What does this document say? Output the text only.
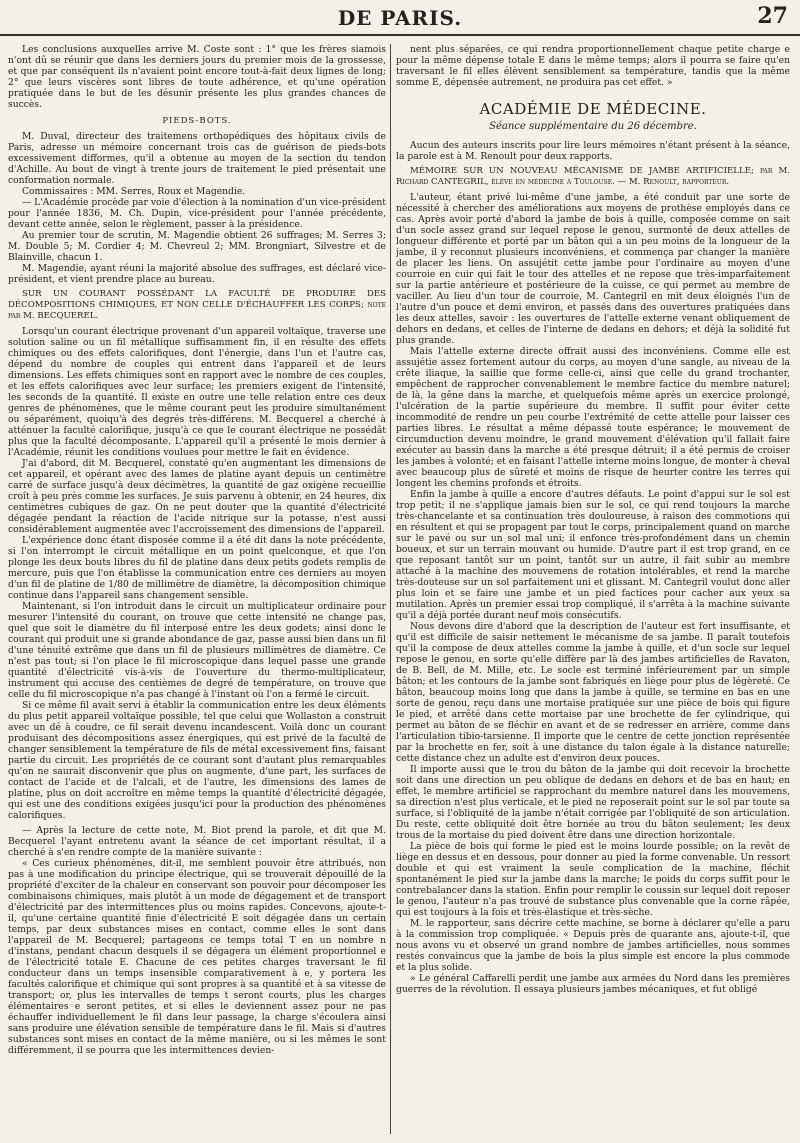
DE PARIS.	27

Les conclusions auxquelles arrive M. Coste sont : 1° que les frères siamois n'ont dû se réunir que dans les derniers jours du premier mois de la grossesse, et que par conséquent ils n'avaient point encore tout-à-fait deux lignes de long; 2° que leurs viscères sont libres de toute adhérence, et qu'une opération pratiquée dans le but de les désunir présente les plus grandes chances de succès.

PIEDS-BOTS.

M. Duval, directeur des traitemens orthopédiques des hôpitaux civils de Paris, adresse un mémoire concernant trois cas de guérison de pieds-bots excessivement difformes, qu'il a obtenue au moyen de la section du tendon d'Achille. Au bout de vingt à trente jours de traitement le pied présentait une conformation normale.

Commissaires : MM. Serres, Roux et Magendie.

— L'Académie procède par voie d'élection à la nomination d'un vice-président pour l'année 1836, M. Ch. Dupin, vice-président pour l'année précédente, devant cette année, selon le règlement, passer à la présidence.

Au premier tour de scrutin, M. Magendie obtient 26 suffrages; M. Serres 3; M. Double 5; M. Cordier 4; M. Chevreul 2; MM. Brongniart, Silvestre et de Blainville, chacun 1.

M. Magendie, ayant réuni la majorité absolue des suffrages, est déclaré vice-président, et vient prendre place au bureau.

SUR UN COURANT POSSÉDANT LA FACULTÉ DE PRODUIRE DES DÉCOMPOSITIONS CHIMIQUES, ET NON CELLE D'ÉCHAUFFER LES CORPS; note par M. BECQUEREL.

Lorsqu'un courant électrique provenant d'un appareil voltaïque, traverse une solution saline ou un fil métallique suffisamment fin, il en résulte des effets chimiques ou des effets calorifiques, dont l'énergie, dans l'un et l'autre cas, dépend du nombre de couples qui entrent dans l'appareil et de leurs dimensions. Les effets chimiques sont en rapport avec le nombre de ces couples, et les effets calorifiques avec leur surface; les premiers exigent de l'intensité, les seconds de la quantité. Il existe en outre une telle relation entre ces deux genres de phénomènes, que le même courant peut les produire simultanément ou séparément, quoiqu'à des degrés très-différens. M. Becquerel a cherché à atténuer la faculté calorifique, jusqu'à ce que le courant électrique ne possédât plus que la faculté décomposante. L'appareil qu'il a présenté le mois dernier à l'Académie, réunit les conditions voulues pour mettre le fait en évidence.

J'ai d'abord, dit M. Becquerel, constaté qu'en augmentant les dimensions de cet appareil, et opérant avec des lames de platine ayant depuis un centimètre carré de surface jusqu'à deux décimètres, la quantité de gaz oxigène recueillie croît à peu près comme les surfaces. Je suis parvenu à obtenir, en 24 heures, dix centimètres cubiques de gaz. On ne peut douter que la quantité d'électricité dégagée pendant la réaction de l'acide nitrique sur la potasse, n'est aussi considérablement augmentée avec l'accroissement des dimensions de l'appareil.

L'expérience donc étant disposée comme il a été dit dans la note précédente, si l'on interrompt le circuit métallique en un point quelconque, et que l'on plonge les deux bouts libres du fil de platine dans deux petits godets remplis de mercure, puis que l'on établisse la communication entre ces derniers au moyen d'un fil de platine de 1/80 de millimètre de diamètre, la décomposition chimique continue dans l'appareil sans changement sensible.

Maintenant, si l'on introduit dans le circuit un multiplicateur ordinaire pour mesurer l'intensité du courant, on trouve que cette intensité ne change pas, quel que soit le diamètre du fil interposé entre les deux godets; ainsi donc le courant qui produit une si grande abondance de gaz, passe aussi bien dans un fil d'une ténuité extrême que dans un fil de plusieurs millimètres de diamètre. Ce n'est pas tout; si l'on place le fil microscopique dans lequel passe une grande quantité d'électricité vis-à-vis de l'ouverture du thermo-multiplicateur, instrument qui accuse des centièmes de degré de température, on trouve que celle du fil microscopique n'a pas changé à l'instant où l'on a fermé le circuit.

Si ce même fil avait servi à établir la communication entre les deux éléments du plus petit appareil voltaïque possible, tel que celui que Wollaston a construit avec un dé à coudre, ce fil serait devenu incandescent. Voilà donc un courant produisant des décompositions assez énergiques, qui est privé de la faculté de changer sensiblement la température de fils de métal excessivement fins, faisant partie du circuit. Les propriétés de ce courant sont d'autant plus remarquables qu'on ne saurait disconvenir que plus on augmente, d'une part, les surfaces de contact de l'acide et de l'alcali, et de l'autre, les dimensions des lames de platine, plus on doit accroître en même temps la quantité d'électricité dégagée, qui est une des conditions exigées jusqu'ici pour la production des phénomènes calorifiques.

— Après la lecture de cette note, M. Biot prend la parole, et dit que M. Becquerel l'ayant entretenu avant la séance de cet important résultat, il a cherché à s'en rendre compte de la manière suivante :

« Ces curieux phénomènes, dit-il, me semblent pouvoir être attribués, non pas à une modification du principe électrique, qui se trouverait dépouillé de la propriété d'exciter de la chaleur en conservant son pouvoir pour décomposer les combinaisons chimiques, mais plutôt à un mode de dégagement et de transport d'électricité par des intermittences plus ou moins rapides. Concevons, ajoute-t-il, qu'une certaine quantité finie d'électricité E soit dégagée dans un certain temps, par deux substances mises en contact, comme elles le sont dans l'appareil de M. Becquerel; partageons ce temps total T en un nombre n d'instans, pendant chacun desquels il se dégagera un élément proportionnel e de l'électricité totale E. Chacune de ces petites charges traversant le fil conducteur dans un temps insensible comparativement à e, y portera les facultés calorifique et chimique qui sont propres à sa quantité et à sa vitesse de transport; or, plus les intervalles de temps t seront courts, plus les charges élémentaires e seront petites, et si elles le deviennent assez pour ne pas échauffer individuellement le fil dans leur passage, la charge s'écoulera ainsi sans produire une élévation sensible de température dans le fil. Mais si d'autres substances sont mises en contact de la même manière, ou si les mêmes le sont différemment, il se pourra que les intermittences devien-

nent plus séparées, ce qui rendra proportionnellement chaque petite charge e pour la même dépense totale E dans le même temps; alors il pourra se faire qu'en traversant le fil elles élèvent sensiblement sa température, tandis que la même somme E, dépensée autrement, ne produira pas cet effet. »

ACADÉMIE DE MÉDECINE.
Séance supplémentaire du 26 décembre.

Aucun des auteurs inscrits pour lire leurs mémoires n'étant présent à la séance, la parole est à M. Renoult pour deux rapports.

MÉMOIRE SUR UN NOUVEAU MÉCANISME DE JAMBE ARTIFICIELLE; par M. Richard CANTEGRIL, élève en médecine à Toulouse. — M. Renoult, rapporteur.

L'auteur, étant privé lui-même d'une jambe, a été conduit par une sorte de nécessité à chercher des améliorations aux moyens de prothèse employés dans ce cas. Après avoir porté d'abord la jambe de bois à quille, composée comme on sait d'un socle assez grand sur lequel repose le genou, surmonté de deux attelles de longueur différente et porté par un bâton qui a un peu moins de la longueur de la jambe, il y reconnut plusieurs inconvéniens, et commença par changer la manière de placer les liens. On assujétit cette jambe pour l'ordinaire au moyen d'une courroie en cuir qui fait le tour des attelles et ne repose que très-imparfaitement sur la partie antérieure et postérieure de la cuisse, ce qui permet au membre de vaciller. Au lieu d'un tour de courroie, M. Cantegril en mit deux éloignés l'un de l'autre d'un pouce et demi environ, et passés dans des ouvertures pratiquées dans les deux attelles, savoir : les ouvertures de l'attelle externe venant obliquement de dehors en dedans, et celles de l'interne de dedans en dehors; et déjà la solidité fut plus grande.

Mais l'attelle externe directe offrait aussi des inconvéniens. Comme elle est assujétie assez fortement autour du corps, au moyen d'une sangle, au niveau de la crête iliaque, la saillie que forme celle-ci, ainsi que celle du grand trochanter, empêchent de rapprocher convenablement le membre factice du membre naturel; de là, la gêne dans la marche, et quelquefois même après un exercice prolongé, l'ulcération de la partie supérieure du membre. Il suffit pour éviter cette incommodité de rendre un peu courbe l'extrémité de cette attelle pour laisser ces parties libres. Le résultat a même dépassé toute espérance; le mouvement de circumduction devenu moindre, le grand mouvement d'élévation qu'il fallait faire exécuter au bassin dans la marche a été presque détruit; il a été permis de croiser les jambes à volonté; et en faisant l'attelle interne moins longue, de monter à cheval avec beaucoup plus de sûreté et moins de risque de heurter contre les terres qui longent les chemins profonds et étroits.

Enfin la jambe à quille a encore d'autres défauts. Le point d'appui sur le sol est trop petit; il ne s'applique jamais bien sur le sol, ce qui rend toujours la marche très-chancelante et sa continuation très douloureuse, à raison des commotions qui en résultent et qui se propagent par tout le corps, principalement quand on marche sur le pavé ou sur un sol mal uni; il enfonce très-profondément dans un chemin boueux, et sur un terrain mouvant ou humide. D'autre part il est trop grand, en ce que reposant tantôt sur un point, tantôt sur un autre, il fait subir au membre attaché à la machine des mouvemens de rotation intolérables, et rend la marche très-douteuse sur un sol parfaitement uni et glissant. M. Cantegril voulut donc aller plus loin et se faire une jambe et un pied factices pour cacher aux yeux sa mutilation. Après un premier essai trop compliqué, il s'arrêta à la machine suivante qu'il a déjà portée durant neuf mois consécutifs.

Nous devons dire d'abord que la description de l'auteur est fort insuffisante, et qu'il est difficile de saisir nettement le mécanisme de sa jambe. Il paraît toutefois qu'il la compose de deux attelles comme la jambe à quille, et d'un socle sur lequel repose le genou, en sorte qu'elle diffère par là des jambes artificielles de Ravaton, de B. Bell, de M. Mille, etc. Le socle est terminé inférieurement par un simple bâton; et les contours de la jambe sont fabriqués en liège pour plus de légèreté. Ce bâton, beaucoup moins long que dans la jambe à quille, se termine en bas en une sorte de genou, reçu dans une mortaise pratiquée sur une pièce de bois qui figure le pied, et arrêté dans cette mortaise par une brochette de fer cylindrique, qui permet au bâton de se fléchir en avant et de se redresser en arrière, comme dans l'articulation tibio-tarsienne. Il importe que le centre de cette jonction représentée par la brochette en fer, soit à une distance du talon égale à la distance naturelle; cette distance chez un adulte est d'environ deux pouces.

Il importe aussi que le trou du bâton de la jambe qui doit recevoir la brochette soit dans une direction un peu oblique de dedans en dehors et de bas en haut; en effet, le membre artificiel se rapprochant du membre naturel dans les mouvemens, sa direction n'est plus verticale, et le pied ne reposerait point sur le sol par toute sa surface, si l'obliquité de la jambe n'était corrigée par l'obliquité de son articulation. Du reste, cette obliquité doit être bornée au trou du bâton seulement; les deux trous de la mortaise du pied doivent être dans une direction horizontale.

La pièce de bois qui forme le pied est le moins lourde possible; on la revêt de liège en dessus et en dessous, pour donner au pied la forme convenable. Un ressort double et qui est vraiment la seule complication de la machine, fléchit spontanément le pied sur la jambe dans la marche; le poids du corps suffit pour le contrebalancer dans la station. Enfin pour remplir le coussin sur lequel doit reposer le genou, l'auteur n'a pas trouvé de substance plus convenable que la corne râpée, qui est toujours à la fois et très-élastique et très-sèche.

M. le rapporteur, sans décrire cette machine, se borne à déclarer qu'elle a paru à la commission trop compliquée. « Depuis près de quarante ans, ajoute-t-il, que nous avons vu et observé un grand nombre de jambes artificielles, nous sommes restés convaincus que la jambe de bois la plus simple est encore la plus commode et la plus solide.

» Le général Caffarelli perdit une jambe aux armées du Nord dans les premières guerres de la révolution. Il essaya plusieurs jambes mécaniques, et fut obligé
